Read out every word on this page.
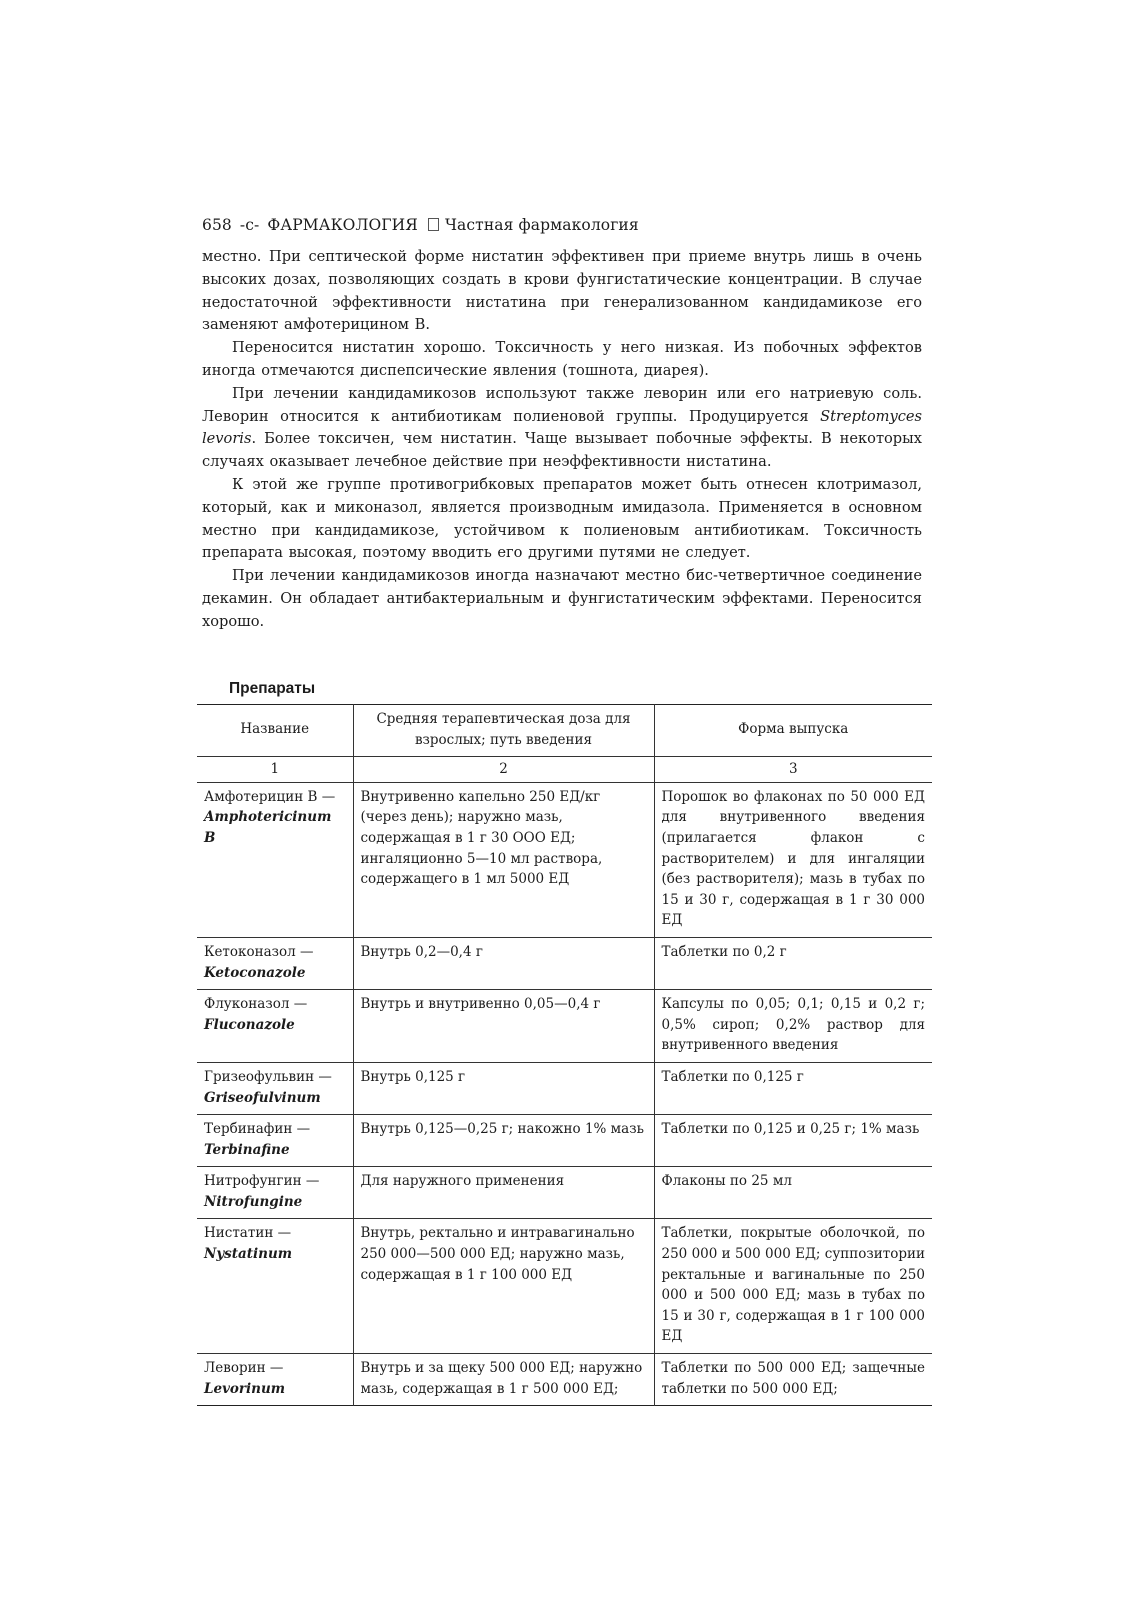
658 -c- ФАРМАКОЛОГИЯ Частная фармакология

местно. При септической форме нистатин эффективен при приеме внутрь лишь в очень высоких дозах, позволяющих создать в крови фунгистатические концентрации. В случае недостаточной эффективности нистатина при генерализованном кандидамикозе его заменяют амфотерицином В.

Переносится нистатин хорошо. Токсичность у него низкая. Из побочных эффектов иногда отмечаются диспепсические явления (тошнота, диарея).

При лечении кандидамикозов используют также леворин или его натриевую соль. Леворин относится к антибиотикам полиеновой группы. Продуцируется Streptomyces levoris. Более токсичен, чем нистатин. Чаще вызывает побочные эффекты. В некоторых случаях оказывает лечебное действие при неэффективности нистатина.

К этой же группе противогрибковых препаратов может быть отнесен клотримазол, который, как и миконазол, является производным имидазола. Применяется в основном местно при кандидамикозе, устойчивом к полиеновым антибиотикам. Токсичность препарата высокая, поэтому вводить его другими путями не следует.

При лечении кандидамикозов иногда назначают местно бис-четвертичное соединение декамин. Он обладает антибактериальным и фунгистатическим эффектами. Переносится хорошо.

Препараты
Название	Средняя терапевтическая доза для взрослых; путь введения	Форма выпуска
1	2	3
Амфотерицин В —
Amphotericinum В	Внутривенно капельно 250 ЕД/кг (через день); наружно мазь, содержащая в 1 г 30 ООО ЕД; ингаляционно 5—10 мл раствора, содержащего в 1 мл 5000 ЕД	Порошок во флаконах по 50 000 ЕД для внутривенного введения (прилагается флакон с растворителем) и для ингаляции (без растворителя); мазь в тубах по 15 и 30 г, содержащая в 1 г 30 000 ЕД
Кетоконазол —
Ketoconazole	Внутрь 0,2—0,4 г	Таблетки по 0,2 г
Флуконазол —
Fluconazole	Внутрь и внутривенно 0,05—0,4 г	Капсулы по 0,05; 0,1; 0,15 и 0,2 г; 0,5% сироп; 0,2% раствор для внутривенного введения
Гризеофульвин —
Griseofulvinum	Внутрь 0,125 г	Таблетки по 0,125 г
Тербинафин —
Terbinafine	Внутрь 0,125—0,25 г; накожно 1% мазь	Таблетки по 0,125 и 0,25 г; 1% мазь
Нитрофунгин —
Nitrofungine	Для наружного применения	Флаконы по 25 мл
Нистатин —
Nystatinum	Внутрь, ректально и интравагинально 250 000—500 000 ЕД; наружно мазь, содержащая в 1 г 100 000 ЕД	Таблетки, покрытые оболочкой, по 250 000 и 500 000 ЕД; суппозитории ректальные и вагинальные по 250 000 и 500 000 ЕД; мазь в тубах по 15 и 30 г, содержащая в 1 г 100 000 ЕД
Леворин —
Levorinum	Внутрь и за щеку 500 000 ЕД; наружно мазь, содержащая в 1 г 500 000 ЕД;	Таблетки по 500 000 ЕД; защечные таблетки по 500 000 ЕД;
